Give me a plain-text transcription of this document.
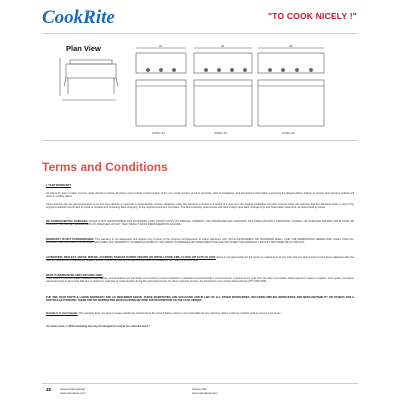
CookRite	"TO COOK NICELY !"
Plan View	24	36	48
ATMG-24	ATMG-36	ATMG-48
Terms and Conditions
1 YEAR WARRANTY
All claims for parts or labor must be made directly to Atosa. All claims must include: model number of the unit, serial number, proof of purchase, date of installation, and all pertinent information supporting the alleged defect. Failure to comply with warranty policies will result in voiding claims.
Atosa warrants all new gas components to be free from defects in materials or workmanship. Atosa's obligation under this warranty is limited to a period of 1 year from the original installation. All parts covered under this warranty that are defective within 1 year of the original installation are limited to repair or replacement (including labor charges), of the original equipment purchaser. The labor warranty shall include standard straight time labor charges only and reasonable travel time, as determined by Atosa.
NO CONSEQUENTIAL DAMAGES: ATOSA IS NOT RESPONSIBLE FOR ECONOMIC LOSS; PROFIT LOSS; OR SPECIAL, INDIRECT, OR CONSEQUENTIAL DAMAGES, INCLUDING WITHOUT LIMITATION, LOSSES, OR DAMAGES ARISING FROM FOOD OR PRODUCT SPOILAGE, REGARDLESS OF WHETHER OR NOT THEY RESULT FROM REFRIGERATION FAILURE.
WARRANTY IS NOT TRANSFERABLE: This warranty is not assignable and applies only in favor of the original purchaser/user to whom delivered. ANY SUCH ASSIGNMENT OR TRANSFER SHALL VOID THE WARRANTIES HEREIN AND SHALL VOID ALL WARRANTIES, EXPRESS OR IMPLIED, INCLUDING ANY WARRANTY OF MERCHANTABILITY OR LABOR COVERAGE FOR COMPONENT FAILURE OR OTHER THE WARRANTY PACKET PROVIDED WITH THE UNIT.
ALTERATION, NEGLECT, ABUSE, MISUSE, ACCIDENT, DAMAGE DURING TRANSIT OR INSTALLATION, FIRE, FLOOD, OR ACTS OF GOD: Atosa is not responsible for the repair or replacement of any parts that are determined to have been subjected after the date of manufacture to alterations, neglect, abuse, misuse, accidents, damage during transit or installation, fire, flood, or acts of God.
WHAT IS WARRANTED AND FOR HOW LONG:
The Product's cast-iron grates, stainless steel railings, and briquettes are warranted not to fail as a result of defects in materials or workmanship in normal use for a period of one year from the date of purchase. Atosa agrees to repair or replace, at its option, the above warranted parts or items that fails due to defects in materials or workmanship during the warranted period. To obtain warranty service, the Purchaser must contact Atosa toll free (877) 853-6399.
THE ONE YEAR PARTS & LABOR WARRANTY ARE AS DESCRIBED ABOVE. THESE WARRANTIES ARE EXCLUSIVE AND IN LIEU OF ALL OTHER WARRANTIES, INCLUDING IMPLIED WARRANTIES AND MERCHANTABILITY OR FITNESS FOR A PARTICULAR PURPOSE. THERE ARE NO WARRANTIES WHICH EXTEND BEYOND THE DESCRIPTION ON THE FACE HEREOF.
Outside U.S. and Canada: This warranty does not apply to areas outside the continental of the United States. Atosa is not responsible for any warranty claims made on products sold or used in such areas.
*In some cases, a 25% restocking fee may be charged to a buyer for returned items.*
48	Atosa International
www.atosausa.com
Atosa USA
www.atosausa.com
